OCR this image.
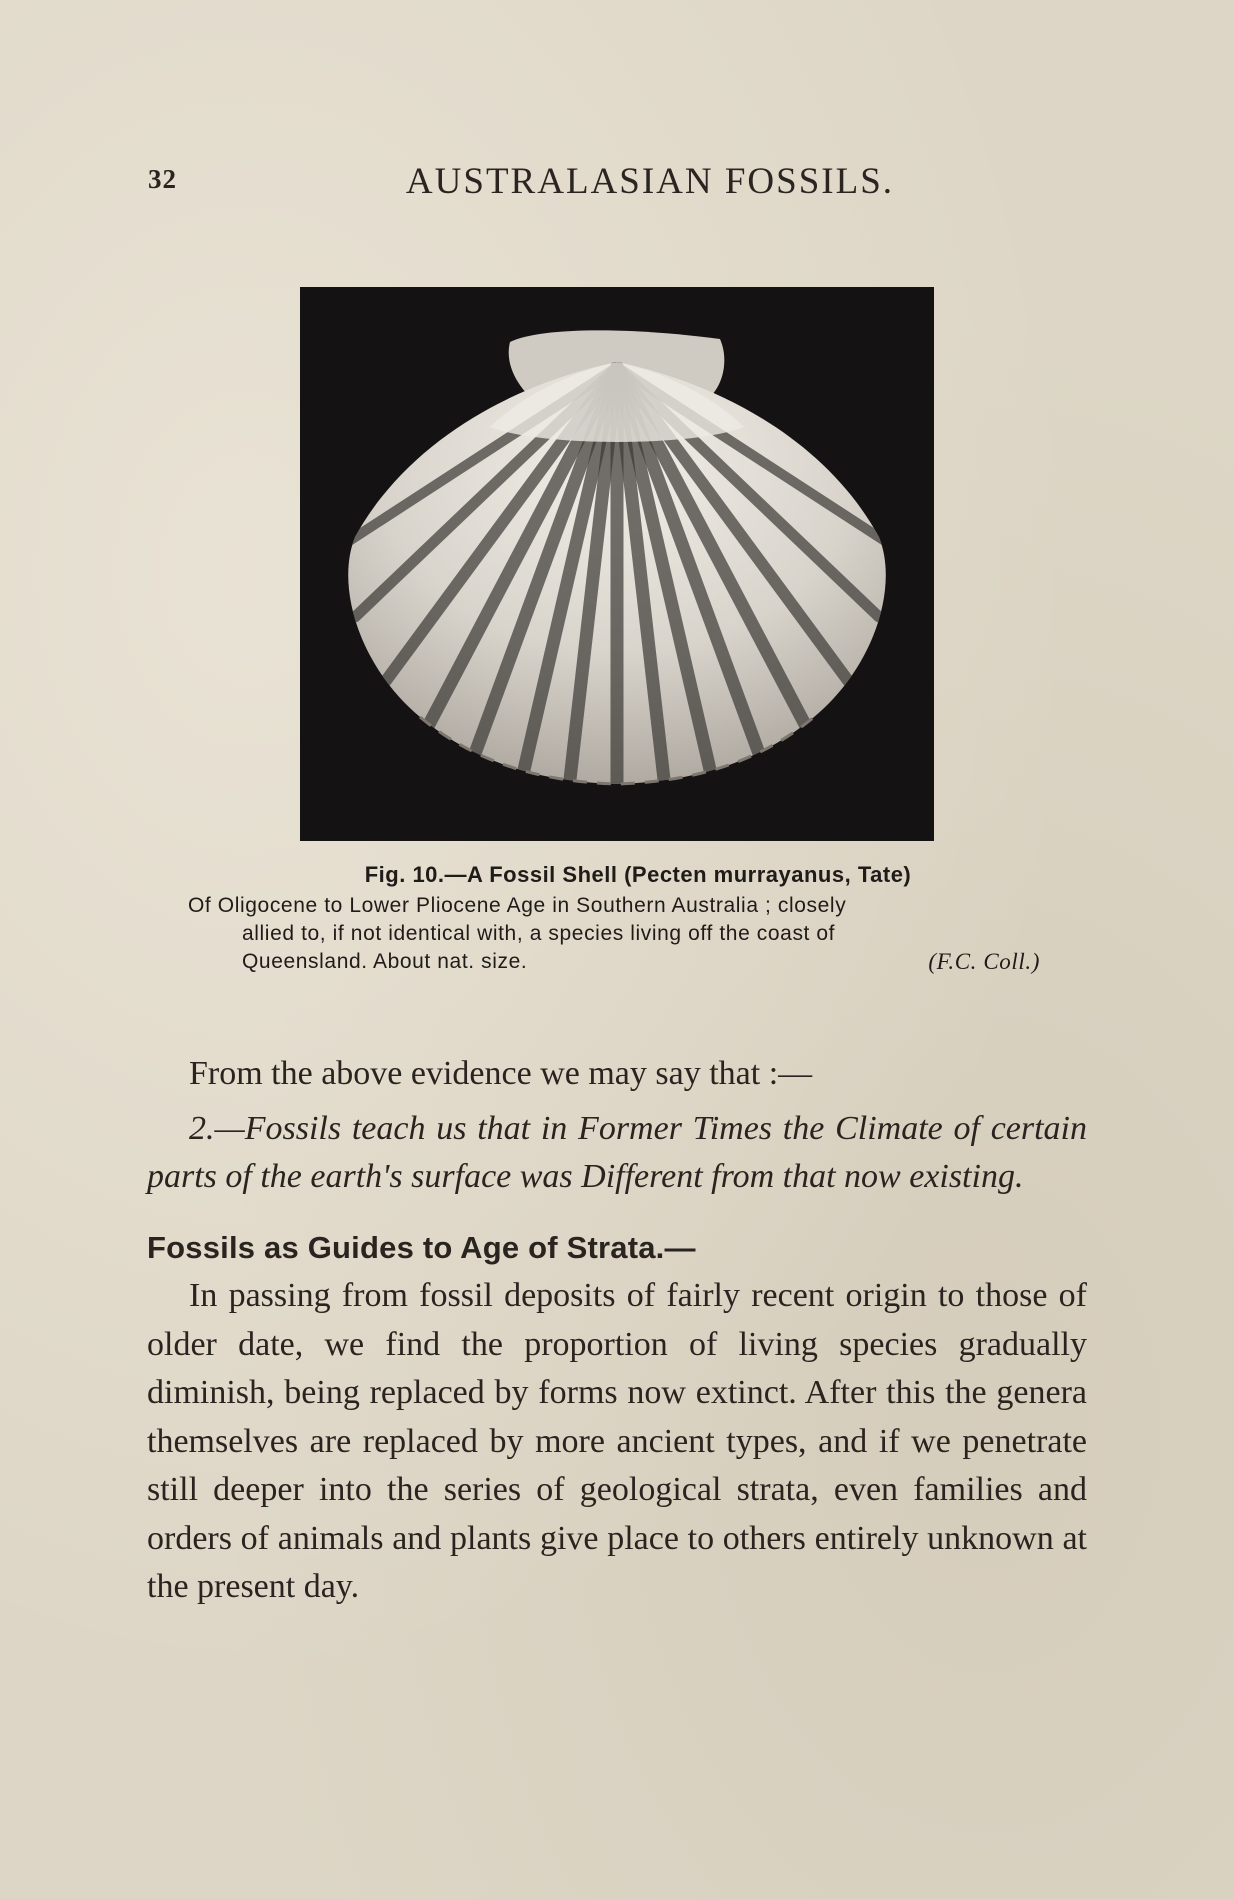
32	AUSTRALASIAN FOSSILS.
Fig. 10.—A Fossil Shell (Pecten murrayanus, Tate)
Of Oligocene to Lower Pliocene Age in Southern Australia ; closely
allied to, if not identical with, a species living off the coast of
Queensland. About nat. size.	(F.C. Coll.)

From the above evidence we may say that :—

2.—Fossils teach us that in Former Times the Climate of certain parts of the earth's surface was Different from that now existing.

Fossils as Guides to Age of Strata.—

In passing from fossil deposits of fairly recent origin to those of older date, we find the proportion of living species gradually diminish, being replaced by forms now extinct. After this the genera themselves are replaced by more ancient types, and if we penetrate still deeper into the series of geological strata, even families and orders of animals and plants give place to others entirely unknown at the present day.
